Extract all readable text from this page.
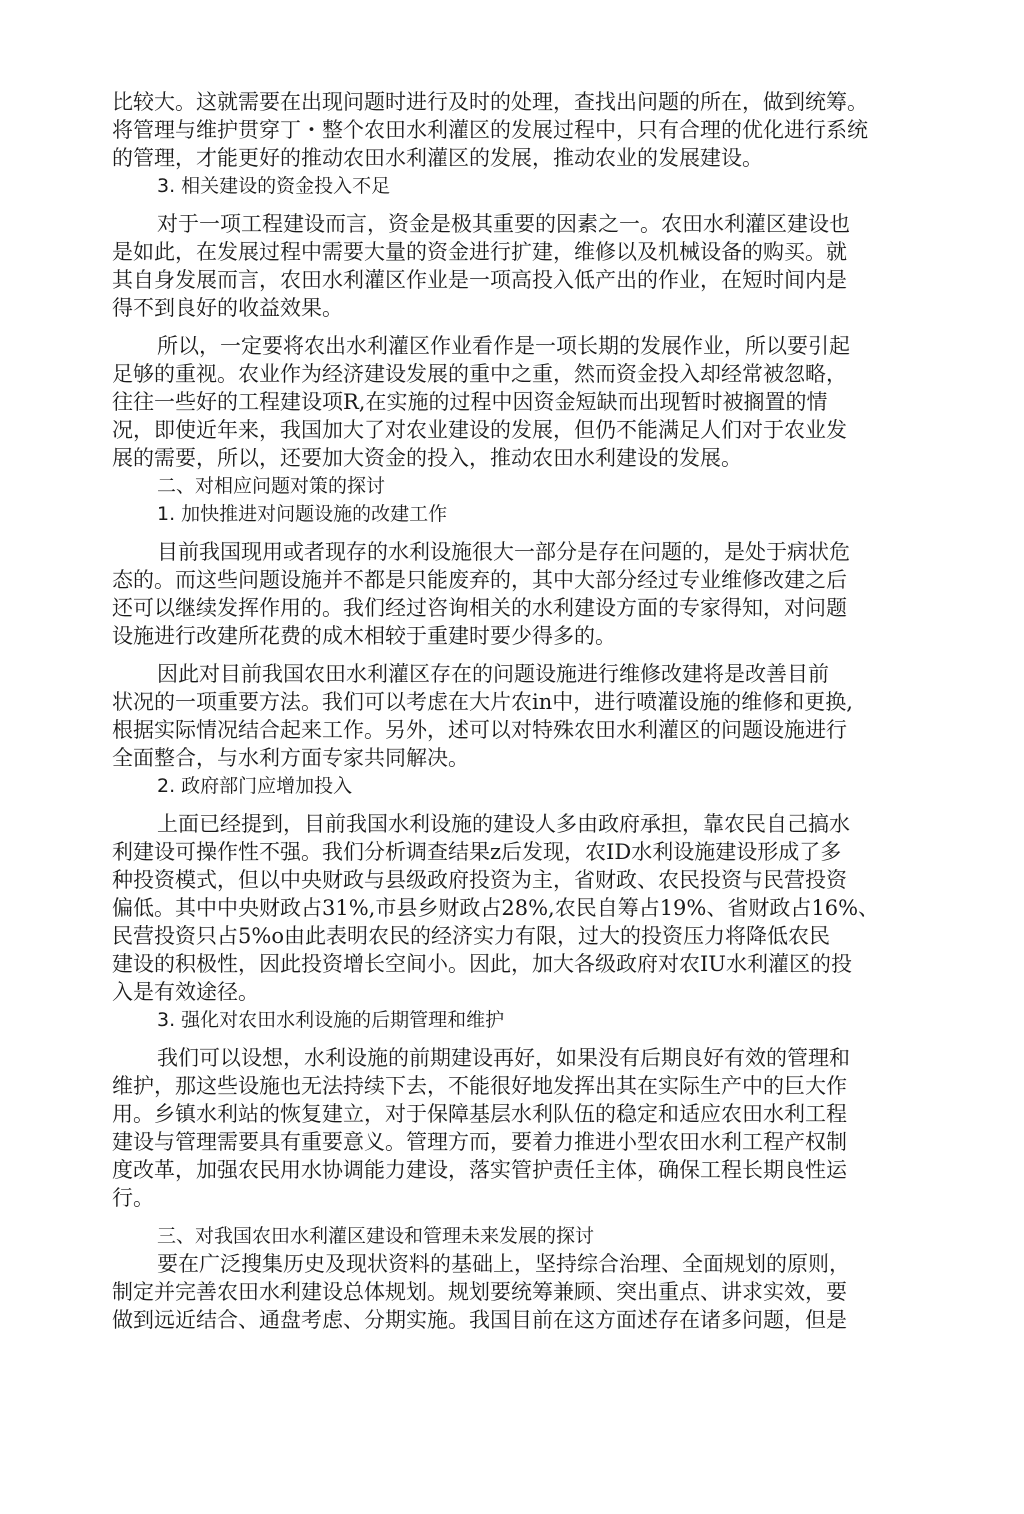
比较大。这就需要在出现问题时进行及时的处理，查找出问题的所在，做到统筹。
将管理与维护贯穿丁・整个农田水利灌区的发展过程中，只有合理的优化进行系统
的管理，才能更好的推动农田水利灌区的发展，推动农业的发展建设。
3. 相关建设的资金投入不足
对于一项工程建设而言，资金是极其重要的因素之一。农田水利灌区建设也
是如此，在发展过程中需要大量的资金进行扩建，维修以及机械设备的购买。就
其自身发展而言，农田水利灌区作业是一项高投入低产出的作业，在短时间内是
得不到良好的收益效果。
所以，一定要将农出水利灌区作业看作是一项长期的发展作业，所以要引起
足够的重视。农业作为经济建设发展的重中之重，然而资金投入却经常被忽略，
往往一些好的工程建设项R,在实施的过程中因资金短缺而出现暂时被搁置的情
况，即使近年来，我国加大了对农业建设的发展，但仍不能满足人们对于农业发
展的需要，所以，还要加大资金的投入，推动农田水利建设的发展。
二、对相应问题对策的探讨
1. 加快推进对问题设施的改建工作
目前我国现用或者现存的水利设施很大一部分是存在问题的，是处于病状危
态的。而这些问题设施并不都是只能废弃的，其中大部分经过专业维修改建之后
还可以继续发挥作用的。我们经过咨询相关的水利建设方面的专家得知，对问题
设施进行改建所花费的成木相较于重建时要少得多的。
因此对目前我国农田水利灌区存在的问题设施进行维修改建将是改善目前
状况的一项重要方法。我们可以考虑在大片农in中，进行喷灌设施的维修和更换,
根据实际情况结合起来工作。另外，述可以对特殊农田水利灌区的问题设施进行
全面整合，与水利方面专家共同解决。
2. 政府部门应增加投入
上面已经提到，目前我国水利设施的建设人多由政府承担，靠农民自己搞水
利建设可操作性不强。我们分析调查结果z后发现，农ID水利设施建设形成了多
种投资模式，但以中央财政与县级政府投资为主，省财政、农民投资与民营投资
偏低。其中中央财政占31%,市县乡财政占28%,农民自筹占19%、省财政占16%、
民营投资只占5%o由此表明农民的经济实力有限，过大的投资压力将降低农民
建设的积极性，因此投资增长空间小。因此，加大各级政府对农IU水利灌区的投
入是有效途径。
3. 强化对农田水利设施的后期管理和维护
我们可以设想，水利设施的前期建设再好，如果没有后期良好有效的管理和
维护，那这些设施也无法持续下去，不能很好地发挥出其在实际生产中的巨大作
用。乡镇水利站的恢复建立，对于保障基层水利队伍的稳定和适应农田水利工程
建设与管理需要具有重要意义。管理方而，要着力推进小型农田水利工程产权制
度改革，加强农民用水协调能力建设，落实管护责任主体，确保工程长期良性运
行。
三、对我国农田水利灌区建设和管理未来发展的探讨
要在广泛搜集历史及现状资料的基础上，坚持综合治理、全面规划的原则，
制定并完善农田水利建设总体规划。规划要统筹兼顾、突出重点、讲求实效，要
做到远近结合、通盘考虑、分期实施。我国目前在这方面述存在诸多问题，但是
